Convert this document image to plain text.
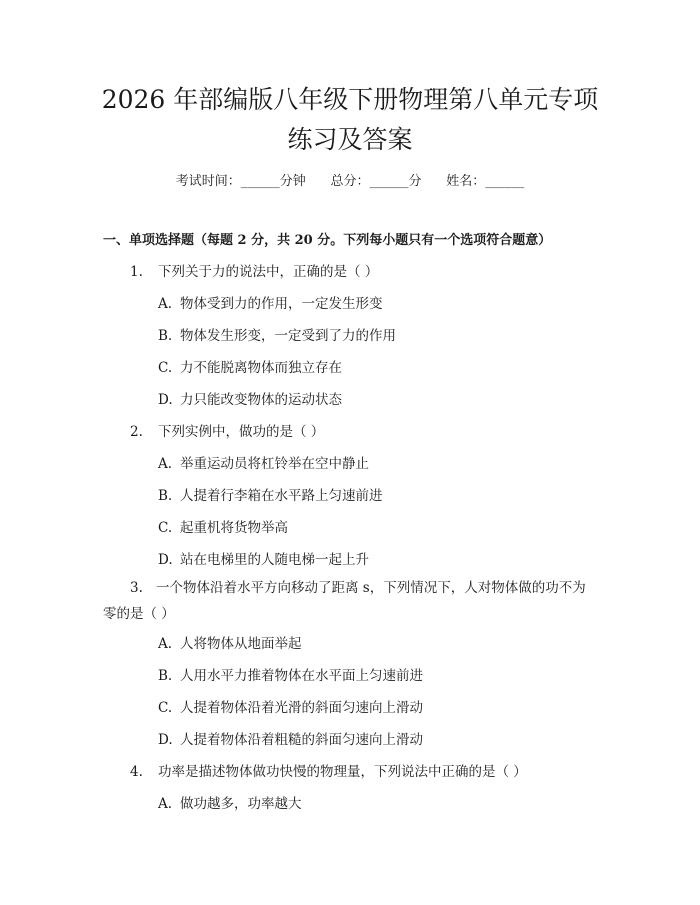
2026 年部编版八年级下册物理第八单元专项
练习及答案
考试时间：______分钟      总分：______分      姓名：______
一、单项选择题（每题 2 分，共 20 分。下列每小题只有一个选项符合题意）
1. 下列关于力的说法中，正确的是（ ）
A. 物体受到力的作用，一定发生形变
B. 物体发生形变，一定受到了力的作用
C. 力不能脱离物体而独立存在
D. 力只能改变物体的运动状态
2. 下列实例中，做功的是（ ）
A. 举重运动员将杠铃举在空中静止
B. 人提着行李箱在水平路上匀速前进
C. 起重机将货物举高
D. 站在电梯里的人随电梯一起上升
3. 一个物体沿着水平方向移动了距离 s，下列情况下，人对物体做的功不为
零的是（ ）
A. 人将物体从地面举起
B. 人用水平力推着物体在水平面上匀速前进
C. 人提着物体沿着光滑的斜面匀速向上滑动
D. 人提着物体沿着粗糙的斜面匀速向上滑动
4. 功率是描述物体做功快慢的物理量，下列说法中正确的是（ ）
A. 做功越多，功率越大
